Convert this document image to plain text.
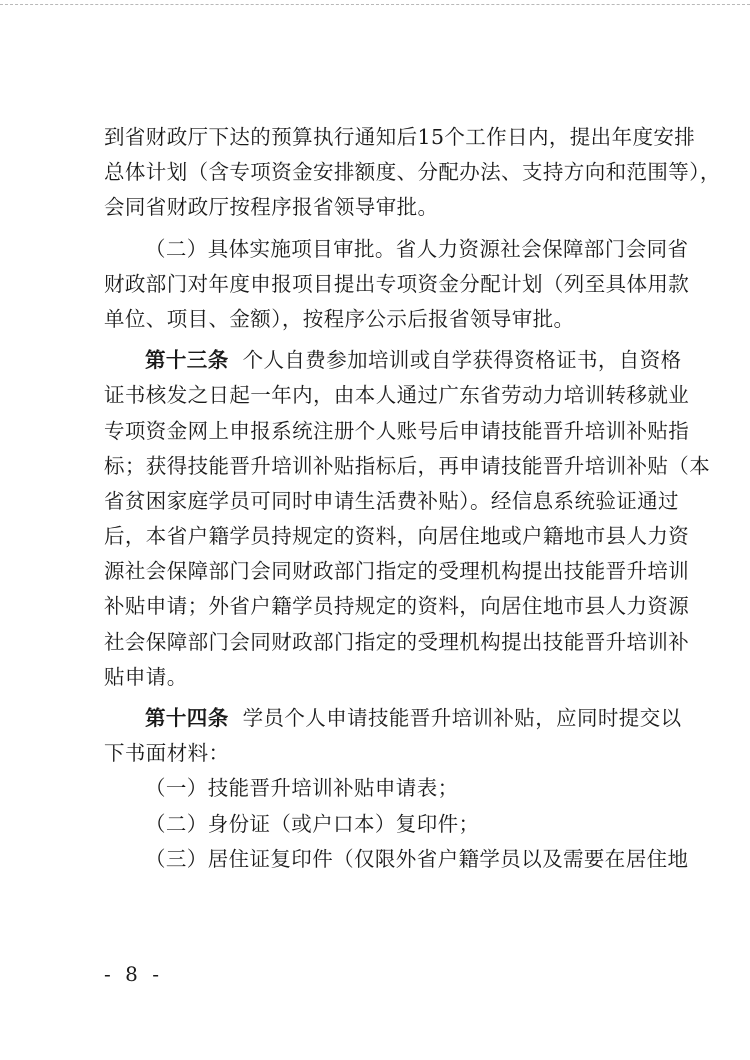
到省财政厅下达的预算执行通知后15个工作日内，提出年度安排
总体计划（含专项资金安排额度、分配办法、支持方向和范围等），
会同省财政厅按程序报省领导审批。
（二）具体实施项目审批。省人力资源社会保障部门会同省
财政部门对年度申报项目提出专项资金分配计划（列至具体用款
单位、项目、金额），按程序公示后报省领导审批。
第十三条 个人自费参加培训或自学获得资格证书，自资格
证书核发之日起一年内，由本人通过广东省劳动力培训转移就业
专项资金网上申报系统注册个人账号后申请技能晋升培训补贴指
标；获得技能晋升培训补贴指标后，再申请技能晋升培训补贴（本
省贫困家庭学员可同时申请生活费补贴）。经信息系统验证通过
后，本省户籍学员持规定的资料，向居住地或户籍地市县人力资
源社会保障部门会同财政部门指定的受理机构提出技能晋升培训
补贴申请；外省户籍学员持规定的资料，向居住地市县人力资源
社会保障部门会同财政部门指定的受理机构提出技能晋升培训补
贴申请。
第十四条 学员个人申请技能晋升培训补贴，应同时提交以
下书面材料：
（一）技能晋升培训补贴申请表；
（二）身份证（或户口本）复印件；
（三）居住证复印件（仅限外省户籍学员以及需要在居住地
- 8 -
